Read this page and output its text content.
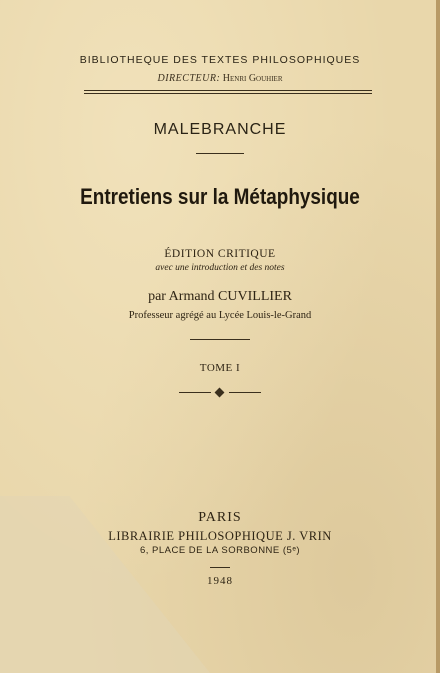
BIBLIOTHEQUE DES TEXTES PHILOSOPHIQUES
DIRECTEUR: Henri Gouhier
MALEBRANCHE
Entretiens sur la Métaphysique
ÉDITION CRITIQUE
avec une introduction et des notes
par Armand CUVILLIER
Professeur agrégé au Lycée Louis-le-Grand
TOME I
PARIS
LIBRAIRIE PHILOSOPHIQUE J. VRIN
6, PLACE DE LA SORBONNE (5ᵉ)
1948
